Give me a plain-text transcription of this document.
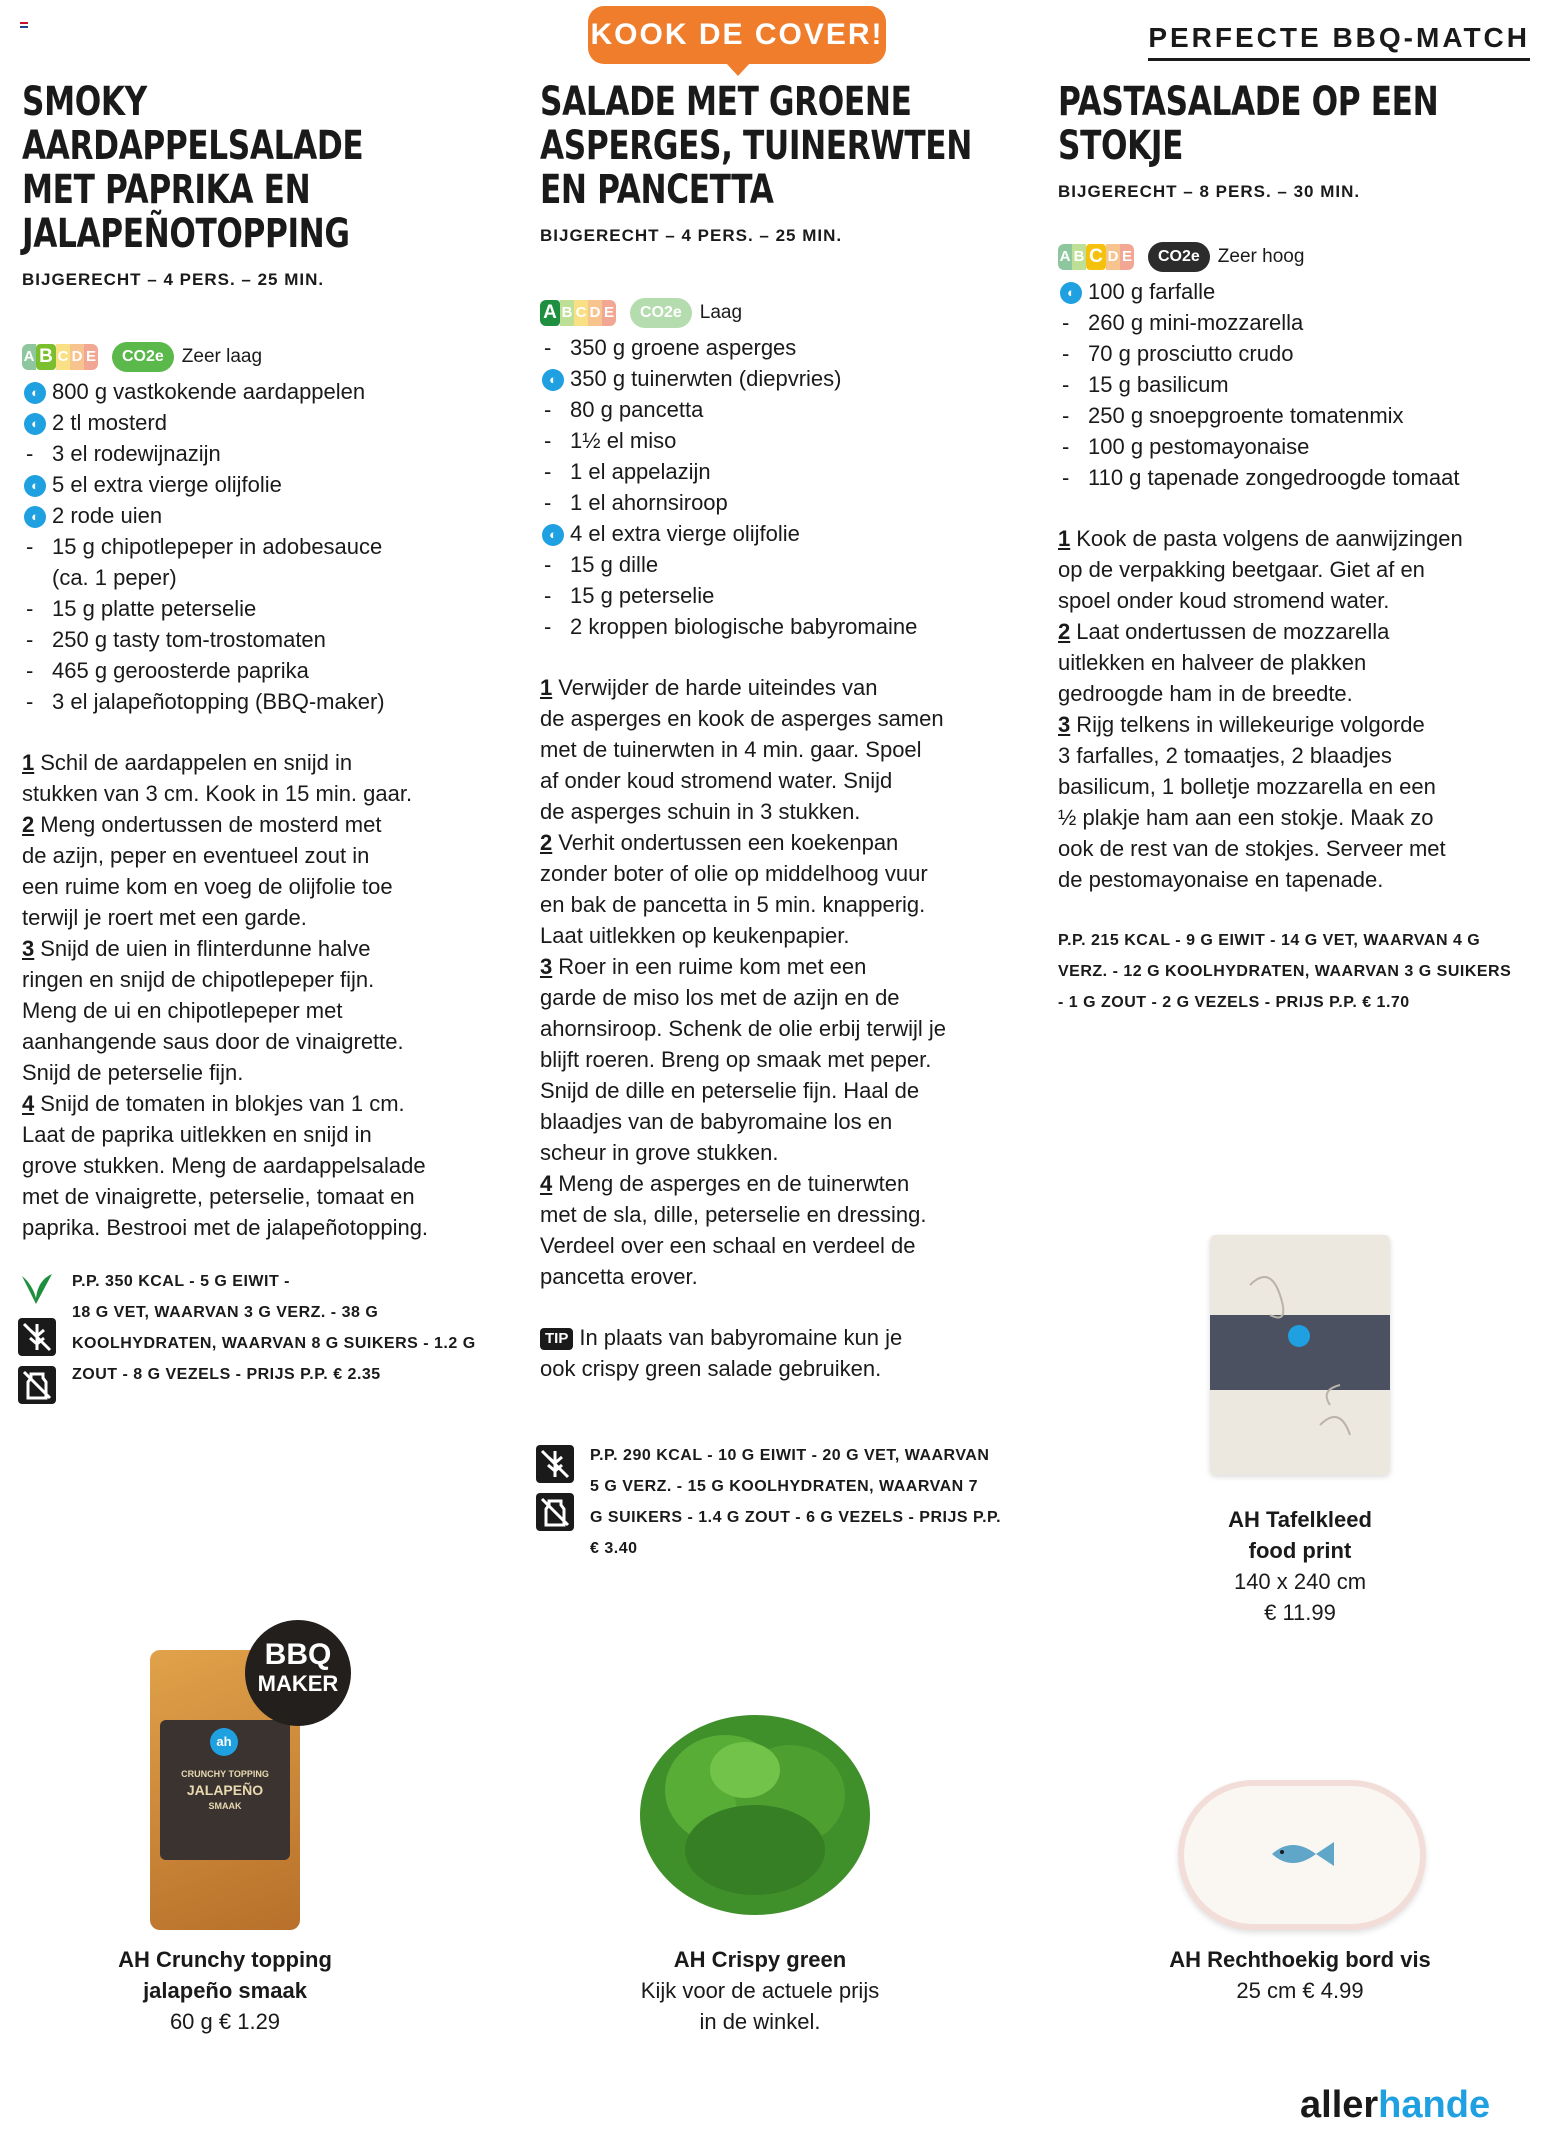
KOOK DE COVER!	PERFECTE BBQ-MATCH
SMOKY AARDAPPELSALADE
MET PAPRIKA EN
JALAPEÑOTOPPING
BIJGERECHT – 4 PERS. – 25 MIN.
A B C D E	CO2e Zeer laag
◐ 800 g vastkokende aardappelen
◐ 2 tl mosterd
- 3 el rodewijnazijn
◐ 5 el extra vierge olijfolie
◐ 2 rode uien
- 15 g chipotlepeper in adobesauce
(ca. 1 peper)
- 15 g platte peterselie
- 250 g tasty tom-trostomaten
- 465 g geroosterde paprika
- 3 el jalapeñotopping (BBQ-maker)

1 Schil de aardappelen en snijd in

stukken van 3 cm. Kook in 15 min. gaar.

2 Meng ondertussen de mosterd met

de azijn, peper en eventueel zout in

een ruime kom en voeg de olijfolie toe

terwijl je roert met een garde.

3 Snijd de uien in flinterdunne halve

ringen en snijd de chipotlepeper fijn.

Meng de ui en chipotlepeper met

aanhangende saus door de vinaigrette.

Snijd de peterselie fijn.

4 Snijd de tomaten in blokjes van 1 cm.

Laat de paprika uitlekken en snijd in

grove stukken. Meng de aardappelsalade

met de vinaigrette, peterselie, tomaat en

paprika. Bestrooi met de jalapeñotopping.

P.P. 350 KCAL - 5 G EIWIT -
18 G VET, WAARVAN 3 G VERZ. - 38 G
KOOLHYDRATEN, WAARVAN 8 G SUIKERS - 1.2 G
ZOUT - 8 G VEZELS - PRIJS P.P. € 2.35
SALADE MET GROENE
ASPERGES, TUINERWTEN
EN PANCETTA
BIJGERECHT – 4 PERS. – 25 MIN.
A B C D E	CO2e Laag
- 350 g groene asperges
◐ 350 g tuinerwten (diepvries)
- 80 g pancetta
- 1½ el miso
- 1 el appelazijn
- 1 el ahornsiroop
◐ 4 el extra vierge olijfolie
- 15 g dille
- 15 g peterselie
- 2 kroppen biologische babyromaine

1 Verwijder de harde uiteindes van

de asperges en kook de asperges samen

met de tuinerwten in 4 min. gaar. Spoel

af onder koud stromend water. Snijd

de asperges schuin in 3 stukken.

2 Verhit ondertussen een koekenpan

zonder boter of olie op middelhoog vuur

en bak de pancetta in 5 min. knapperig.

Laat uitlekken op keukenpapier.

3 Roer in een ruime kom met een

garde de miso los met de azijn en de

ahornsiroop. Schenk de olie erbij terwijl je

blijft roeren. Breng op smaak met peper.

Snijd de dille en peterselie fijn. Haal de

blaadjes van de babyromaine los en

scheur in grove stukken.

4 Meng de asperges en de tuinerwten

met de sla, dille, peterselie en dressing.

Verdeel over een schaal en verdeel de

pancetta erover.

TIP In plaats van babyromaine kun je
ook crispy green salade gebruiken.
P.P. 290 KCAL - 10 G EIWIT - 20 G VET, WAARVAN
5 G VERZ. - 15 G KOOLHYDRATEN, WAARVAN 7
G SUIKERS - 1.4 G ZOUT - 6 G VEZELS - PRIJS P.P.
€ 3.40
PASTASALADE OP EEN STOKJE
BIJGERECHT – 8 PERS. – 30 MIN.
A B C D E	CO2e Zeer hoog
◐ 100 g farfalle
- 260 g mini-mozzarella
- 70 g prosciutto crudo
- 15 g basilicum
- 250 g snoepgroente tomatenmix
- 100 g pestomayonaise
- 110 g tapenade zongedroogde tomaat

1 Kook de pasta volgens de aanwijzingen

op de verpakking beetgaar. Giet af en

spoel onder koud stromend water.

2 Laat ondertussen de mozzarella

uitlekken en halveer de plakken

gedroogde ham in de breedte.

3 Rijg telkens in willekeurige volgorde

3 farfalles, 2 tomaatjes, 2 blaadjes

basilicum, 1 bolletje mozzarella en een

½ plakje ham aan een stokje. Maak zo

ook de rest van de stokjes. Serveer met

de pestomayonaise en tapenade.

P.P. 215 KCAL - 9 G EIWIT - 14 G VET, WAARVAN 4 G
VERZ. - 12 G KOOLHYDRATEN, WAARVAN 3 G SUIKERS
- 1 G ZOUT - 2 G VEZELS - PRIJS P.P. € 1.70
AH Tafelkleed
food print
140 x 240 cm
€ 11.99
ah
CRUNCHY TOPPING
JALAPEÑO
SMAAK
BBQ
MAKER
AH Crunchy topping
jalapeño smaak
60 g € 1.29
AH Crispy green
Kijk voor de actuele prijs
in de winkel.
AH Rechthoekig bord vis
25 cm € 4.99
allerhande
